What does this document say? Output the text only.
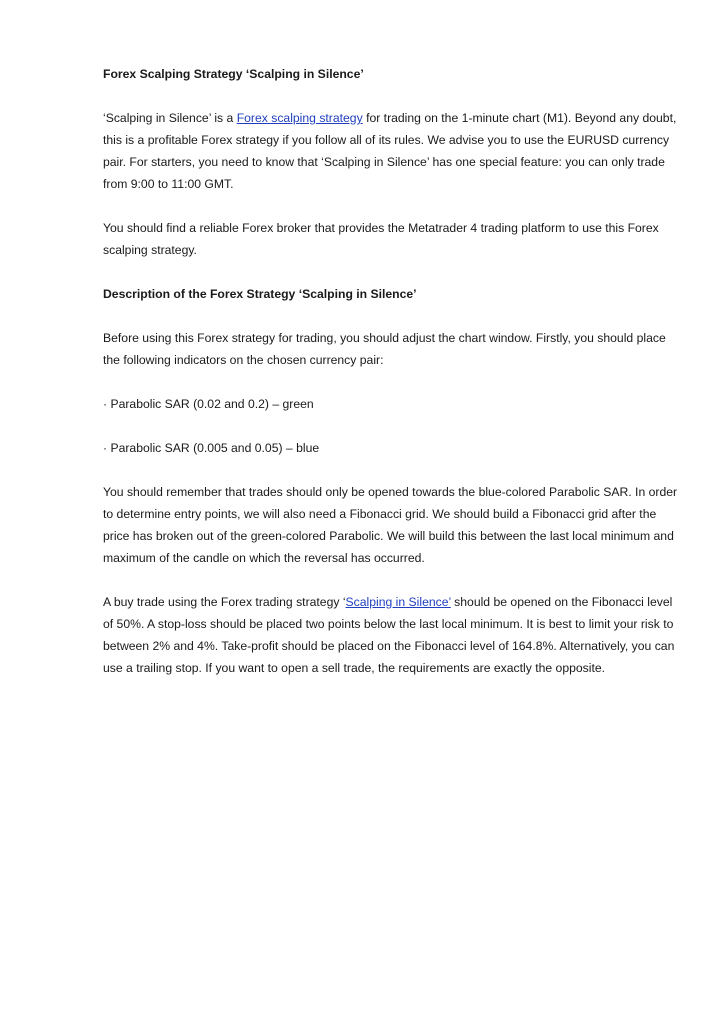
Forex Scalping Strategy ‘Scalping in Silence’

‘Scalping in Silence’ is a Forex scalping strategy for trading on the 1-minute chart (M1). Beyond any doubt, this is a profitable Forex strategy if you follow all of its rules. We advise you to use the EURUSD currency pair. For starters, you need to know that ‘Scalping in Silence’ has one special feature: you can only trade from 9:00 to 11:00 GMT.

You should find a reliable Forex broker that provides the Metatrader 4 trading platform to use this Forex scalping strategy.

Description of the Forex Strategy ‘Scalping in Silence’

Before using this Forex strategy for trading, you should adjust the chart window. Firstly, you should place the following indicators on the chosen currency pair:

· Parabolic SAR (0.02 and 0.2) – green

· Parabolic SAR (0.005 and 0.05) – blue

You should remember that trades should only be opened towards the blue-colored Parabolic SAR. In order to determine entry points, we will also need a Fibonacci grid. We should build a Fibonacci grid after the price has broken out of the green-colored Parabolic. We will build this between the last local minimum and maximum of the candle on which the reversal has occurred.

A buy trade using the Forex trading strategy ‘Scalping in Silence’ should be opened on the Fibonacci level of 50%. A stop-loss should be placed two points below the last local minimum. It is best to limit your risk to between 2% and 4%. Take-profit should be placed on the Fibonacci level of 164.8%. Alternatively, you can use a trailing stop. If you want to open a sell trade, the requirements are exactly the opposite.
